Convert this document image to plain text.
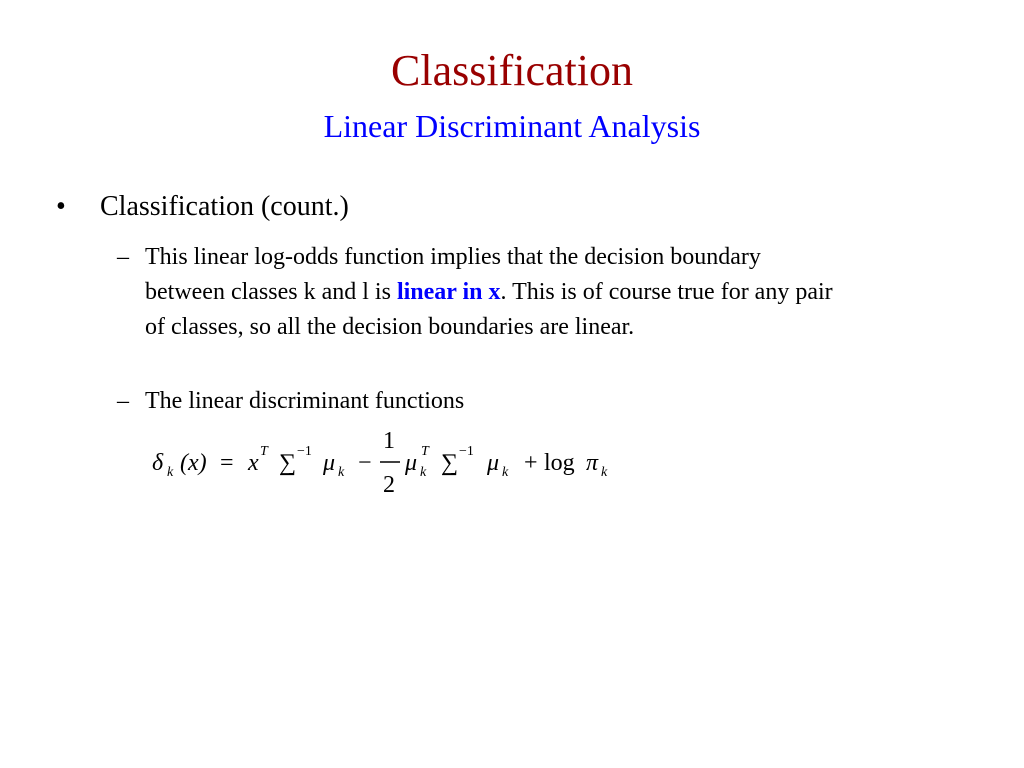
Classification
Linear Discriminant Analysis
• Classification (count.)
– This linear log-odds function implies that the decision boundary
between classes k and l is linear in x. This is of course true for any pair
of classes, so all the decision boundaries are linear.
– The linear discriminant functions
δ k (x) = x T ∑ −1 μ k −
1
2
μ T
k ∑ −1 μ k + log π k
